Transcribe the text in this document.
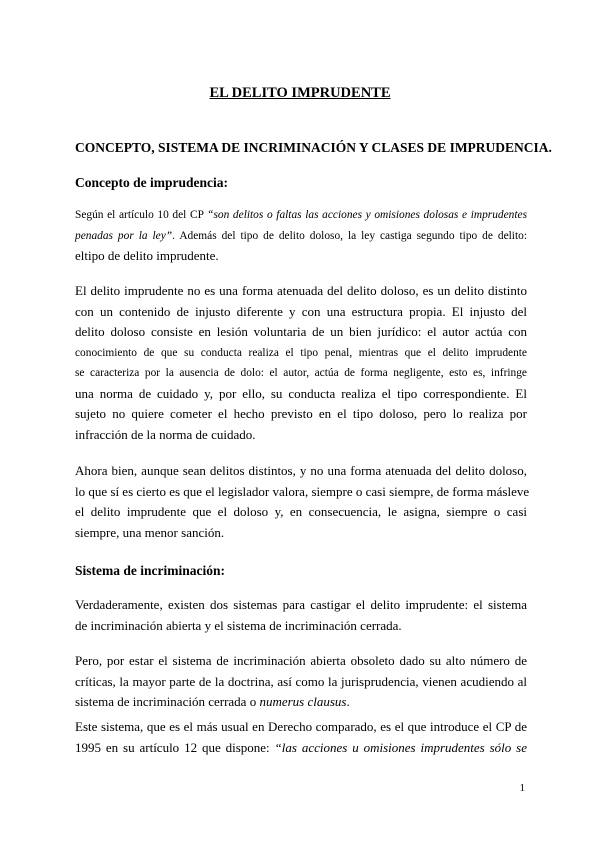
EL DELITO IMPRUDENTE
CONCEPTO, SISTEMA DE INCRIMINACIÓN Y CLASES DE IMPRUDENCIA.
Concepto de imprudencia:
Según el artículo 10 del CP “son delitos o faltas las acciones y omisiones dolosas e imprudentes
penadas por la ley”. Además del tipo de delito doloso, la ley castiga segundo tipo de delito:
eltipo de delito imprudente.
El delito imprudente no es una forma atenuada del delito doloso, es un delito distinto
con un contenido de injusto diferente y con una estructura propia. El injusto del
delito doloso consiste en lesión voluntaria de un bien jurídico: el autor actúa con
conocimiento de que su conducta realiza el tipo penal, mientras que el delito imprudente
se caracteriza por la ausencia de dolo: el autor, actúa de forma negligente, esto es, infringe
una norma de cuidado y, por ello, su conducta realiza el tipo correspondiente. El
sujeto no quiere cometer el hecho previsto en el tipo doloso, pero lo realiza por
infracción de la norma de cuidado.
Ahora bien, aunque sean delitos distintos, y no una forma atenuada del delito doloso,
lo que sí es cierto es que el legislador valora, siempre o casi siempre, de forma másleve
el delito imprudente que el doloso y, en consecuencia, le asigna, siempre o casi
siempre, una menor sanción.
Sistema de incriminación:
Verdaderamente, existen dos sistemas para castigar el delito imprudente: el sistema
de incriminación abierta y el sistema de incriminación cerrada.
Pero, por estar el sistema de incriminación abierta obsoleto dado su alto número de
críticas, la mayor parte de la doctrina, así como la jurisprudencia, vienen acudiendo al
sistema de incriminación cerrada o numerus clausus.
Este sistema, que es el más usual en Derecho comparado, es el que introduce el CP de
1995 en su artículo 12 que dispone: “las acciones u omisiones imprudentes sólo se
1
